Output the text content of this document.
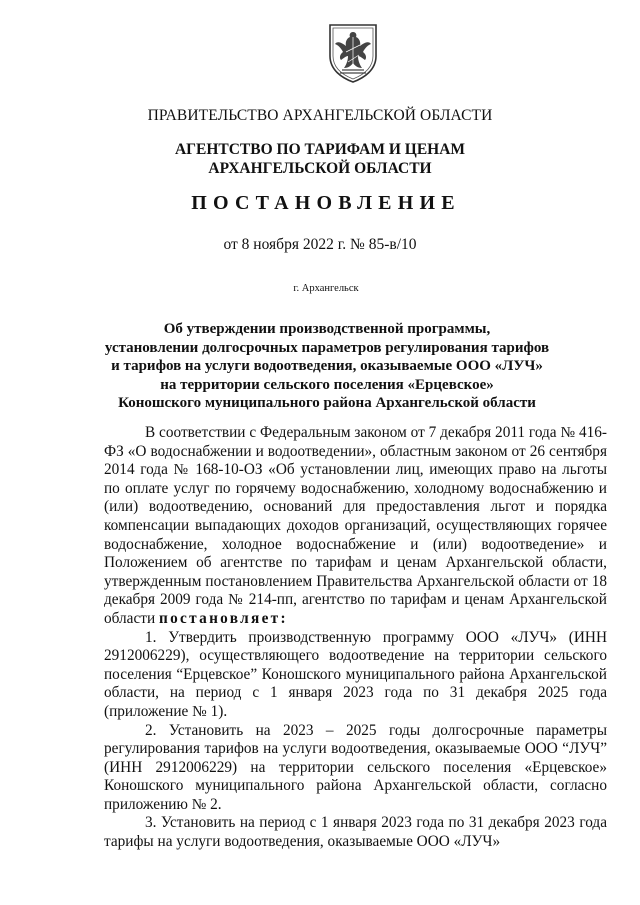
ПРАВИТЕЛЬСТВО АРХАНГЕЛЬСКОЙ ОБЛАСТИ
АГЕНТСТВО ПО ТАРИФАМ И ЦЕНАМ
АРХАНГЕЛЬСКОЙ ОБЛАСТИ
ПОСТАНОВЛЕНИЕ
от 8 ноября 2022 г. № 85-в/10
г. Архангельск
Об утверждении производственной программы,
установлении долгосрочных параметров регулирования тарифов
и тарифов на услуги водоотведения, оказываемые ООО «ЛУЧ»
на территории сельского поселения «Ерцевское»
Коношского муниципального района Архангельской области

В соответствии с Федеральным законом от 7 декабря 2011 года № 416-ФЗ «О водоснабжении и водоотведении», областным законом от 26 сентября 2014 года № 168-10-ОЗ «Об установлении лиц, имеющих право на льготы по оплате услуг по горячему водоснабжению, холодному водоснабжению и (или) водоотведению, оснований для предоставления льгот и порядка компенсации выпадающих доходов организаций, осуществляющих горячее водоснабжение, холодное водоснабжение и (или) водоотведение» и Положением об агентстве по тарифам и ценам Архангельской области, утвержденным постановлением Правительства Архангельской области от 18 декабря 2009 года № 214-пп, агентство по тарифам и ценам Архангельской области постановляет:

1. Утвердить производственную программу ООО «ЛУЧ» (ИНН 2912006229), осуществляющего водоотведение на территории сельского поселения “Ерцевское” Коношского муниципального района Архангельской области, на период с 1 января 2023 года по 31 декабря 2025 года (приложение № 1).

2. Установить на 2023 – 2025 годы долгосрочные параметры регулирования тарифов на услуги водоотведения, оказываемые ООО “ЛУЧ” (ИНН 2912006229) на территории сельского поселения «Ерцевское» Коношского муниципального района Архангельской области, согласно приложению № 2.

3. Установить на период с 1 января 2023 года по 31 декабря 2023 года тарифы на услуги водоотведения, оказываемые ООО «ЛУЧ»
